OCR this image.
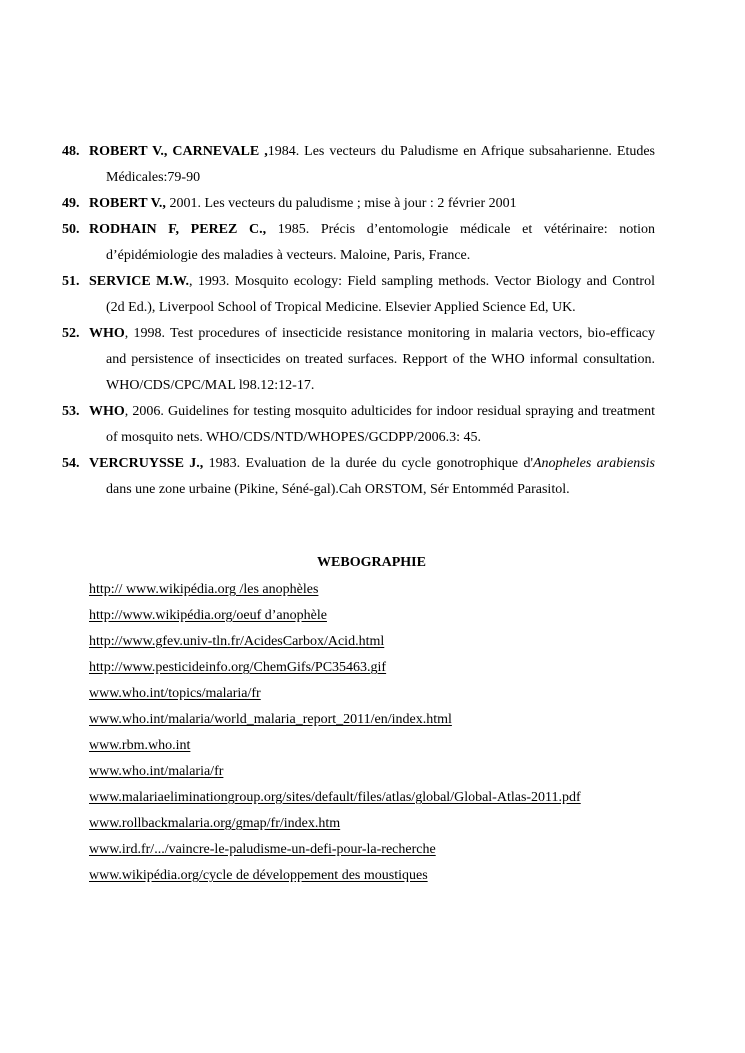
48. ROBERT V., CARNEVALE ,1984. Les vecteurs du Paludisme en Afrique subsaharienne. Etudes Médicales:79-90

49. ROBERT V., 2001. Les vecteurs du paludisme ; mise à jour : 2 février 2001

50. RODHAIN F, PEREZ C., 1985. Précis d’entomologie médicale et vétérinaire: notion d’épidémiologie des maladies à vecteurs. Maloine, Paris, France.

51. SERVICE M.W., 1993. Mosquito ecology: Field sampling methods. Vector Biology and Control (2d Ed.), Liverpool School of Tropical Medicine. Elsevier Applied Science Ed, UK.

52. WHO, 1998. Test procedures of insecticide resistance monitoring in malaria vectors, bio-efficacy and persistence of insecticides on treated surfaces. Repport of the WHO informal consultation. WHO/CDS/CPC/MAL l98.12:12-17.

53. WHO, 2006. Guidelines for testing mosquito adulticides for indoor residual spraying and treatment of mosquito nets. WHO/CDS/NTD/WHOPES/GCDPP/2006.3: 45.

54. VERCRUYSSE J., 1983. Evaluation de la durée du cycle gonotrophique d'Anopheles arabiensis dans une zone urbaine (Pikine, Séné-gal).Cah ORSTOM, Sér Entomméd Parasitol.

WEBOGRAPHIE
http:// www.wikipédia.org /les anophèles
http://www.wikipédia.org/oeuf d’anophèle
http://www.gfev.univ-tln.fr/AcidesCarbox/Acid.html
http://www.pesticideinfo.org/ChemGifs/PC35463.gif
www.who.int/topics/malaria/fr
www.who.int/malaria/world_malaria_report_2011/en/index.html
www.rbm.who.int
www.who.int/malaria/fr
www.malariaeliminationgroup.org/sites/default/files/atlas/global/Global-Atlas-2011.pdf
www.rollbackmalaria.org/gmap/fr/index.htm
www.ird.fr/.../vaincre-le-paludisme-un-defi-pour-la-recherche
www.wikipédia.org/cycle de développement des moustiques
